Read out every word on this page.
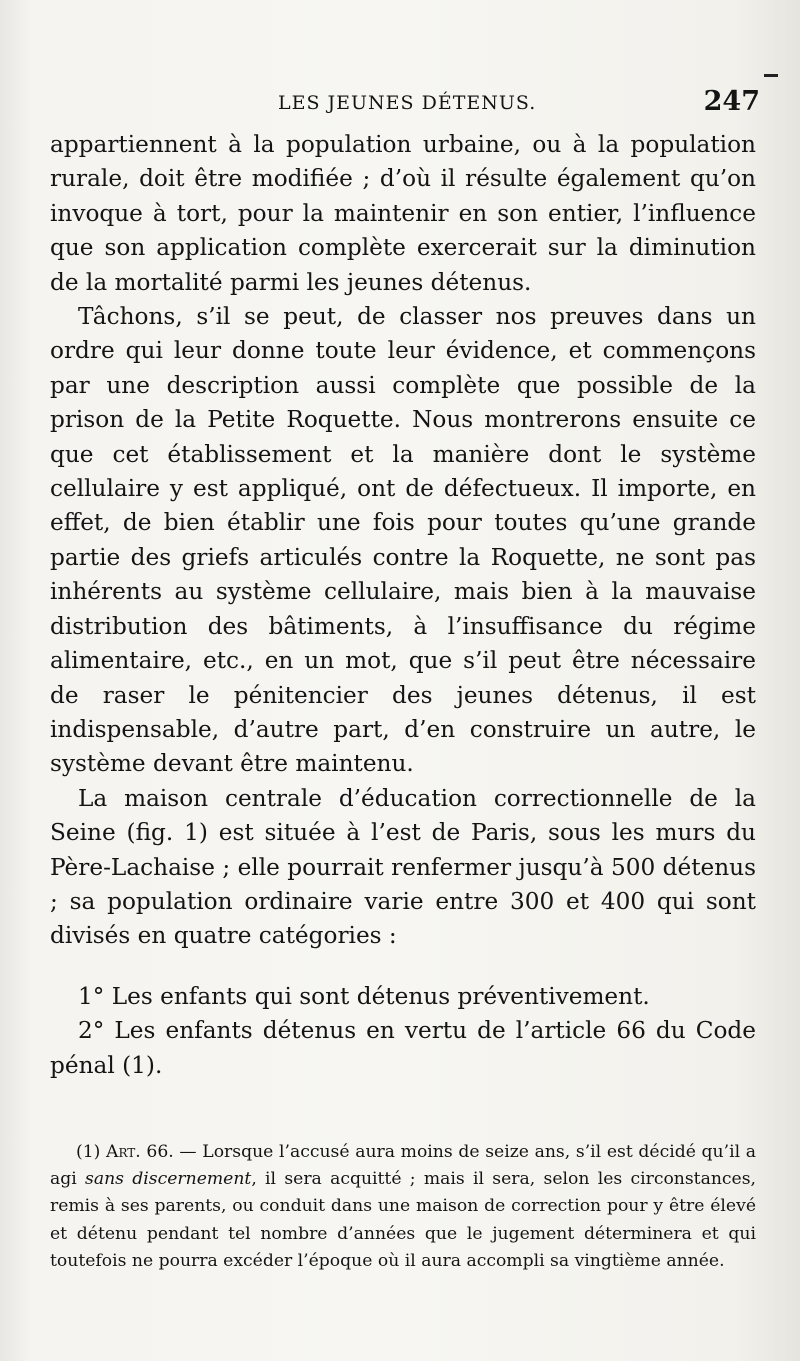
LES JEUNES DÉTENUS.	247

appartiennent à la population urbaine, ou à la population rurale, doit être modifiée ; d’où il résulte également qu’on invoque à tort, pour la maintenir en son entier, l’influence que son application complète exercerait sur la diminution de la mortalité parmi les jeunes détenus.

Tâchons, s’il se peut, de classer nos preuves dans un ordre qui leur donne toute leur évidence, et commençons par une description aussi complète que possible de la prison de la Petite Roquette. Nous montrerons ensuite ce que cet établissement et la manière dont le système cellulaire y est appliqué, ont de défectueux. Il importe, en effet, de bien établir une fois pour toutes qu’une grande partie des griefs articulés contre la Roquette, ne sont pas inhérents au système cellulaire, mais bien à la mauvaise distribution des bâtiments, à l’insuffisance du régime alimentaire, etc., en un mot, que s’il peut être nécessaire de raser le pénitencier des jeunes détenus, il est indispensable, d’autre part, d’en construire un autre, le système devant être maintenu.

La maison centrale d’éducation correctionnelle de la Seine (fig. 1) est située à l’est de Paris, sous les murs du Père-Lachaise ; elle pourrait renfermer jusqu’à 500 détenus ; sa population ordinaire varie entre 300 et 400 qui sont divisés en quatre catégories :

1° Les enfants qui sont détenus préventivement.

2° Les enfants détenus en vertu de l’article 66 du Code pénal (1).

(1) Art. 66. — Lorsque l’accusé aura moins de seize ans, s’il est décidé qu’il a agi sans discernement, il sera acquitté ; mais il sera, selon les circonstances, remis à ses parents, ou conduit dans une maison de correction pour y être élevé et détenu pendant tel nombre d’années que le jugement déterminera et qui toutefois ne pourra excéder l’époque où il aura accompli sa vingtième année.
